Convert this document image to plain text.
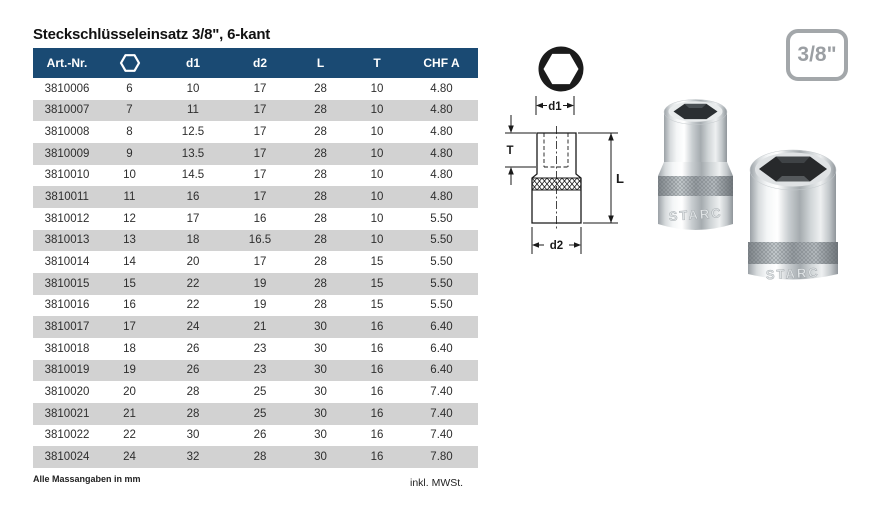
Steckschlüsseleinsatz 3/8", 6-kant
Art.-Nr.		d1	d2	L	T	CHF A
3810006	6	10	17	28	10	4.80
3810007	7	11	17	28	10	4.80
3810008	8	12.5	17	28	10	4.80
3810009	9	13.5	17	28	10	4.80
3810010	10	14.5	17	28	10	4.80
3810011	11	16	17	28	10	4.80
3810012	12	17	16	28	10	5.50
3810013	13	18	16.5	28	10	5.50
3810014	14	20	17	28	15	5.50
3810015	15	22	19	28	15	5.50
3810016	16	22	19	28	15	5.50
3810017	17	24	21	30	16	6.40
3810018	18	26	23	30	16	6.40
3810019	19	26	23	30	16	6.40
3810020	20	28	25	30	16	7.40
3810021	21	28	25	30	16	7.40
3810022	22	30	26	30	16	7.40
3810024	24	32	28	30	16	7.80
Alle Massangaben in mm	inkl. MWSt.
d1
T
L
d2
STARC
STARC
3/8"
